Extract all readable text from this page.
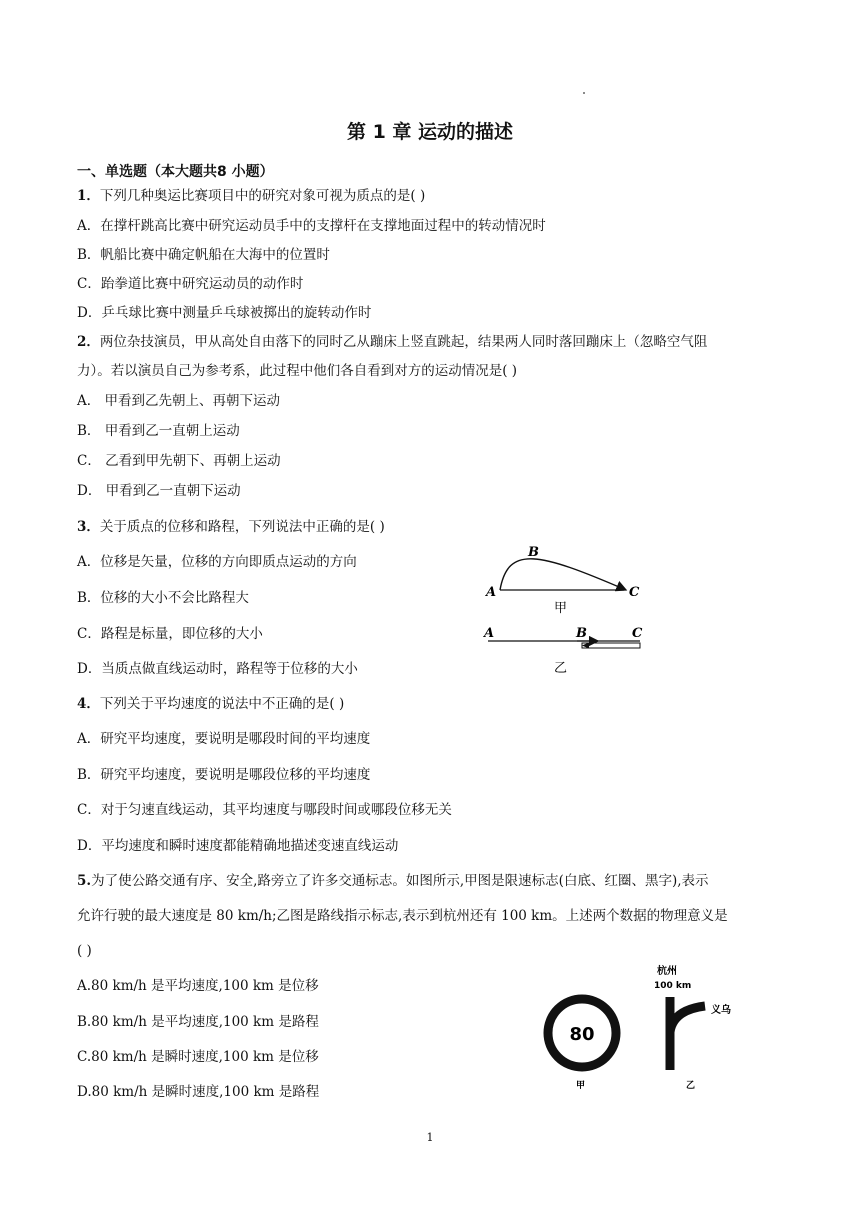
第 1 章 运动的描述
一、单选题（本大题共8 小题）
1．下列几种奥运比赛项目中的研究对象可视为质点的是( )
A．在撑杆跳高比赛中研究运动员手中的支撑杆在支撑地面过程中的转动情况时
B．帆船比赛中确定帆船在大海中的位置时
C．跆拳道比赛中研究运动员的动作时
D．乒乓球比赛中测量乒乓球被掷出的旋转动作时
2．两位杂技演员，甲从高处自由落下的同时乙从蹦床上竖直跳起，结果两人同时落回蹦床上（忽略空气阻
力）。若以演员自己为参考系，此过程中他们各自看到对方的运动情况是( )
A． 甲看到乙先朝上、再朝下运动
B． 甲看到乙一直朝上运动
C． 乙看到甲先朝下、再朝上运动
D． 甲看到乙一直朝下运动
3．关于质点的位移和路程，下列说法中正确的是( )
A．位移是矢量，位移的方向即质点运动的方向
B．位移的大小不会比路程大
C．路程是标量，即位移的大小
D．当质点做直线运动时，路程等于位移的大小
B
A	C
甲
A	B	C
乙
4．下列关于平均速度的说法中不正确的是( )
A．研究平均速度，要说明是哪段时间的平均速度
B．研究平均速度，要说明是哪段位移的平均速度
C．对于匀速直线运动，其平均速度与哪段时间或哪段位移无关
D．平均速度和瞬时速度都能精确地描述变速直线运动
5.为了使公路交通有序、安全,路旁立了许多交通标志。如图所示,甲图是限速标志(白底、红圈、黑字),表示
允许行驶的最大速度是 80 km/h;乙图是路线指示标志,表示到杭州还有 100 km。上述两个数据的物理意义是
( )
A.80 km/h 是平均速度,100 km 是位移
B.80 km/h 是平均速度,100 km 是路程
C.80 km/h 是瞬时速度,100 km 是位移
D.80 km/h 是瞬时速度,100 km 是路程
80
甲
杭州
100 km
义乌
乙
1
